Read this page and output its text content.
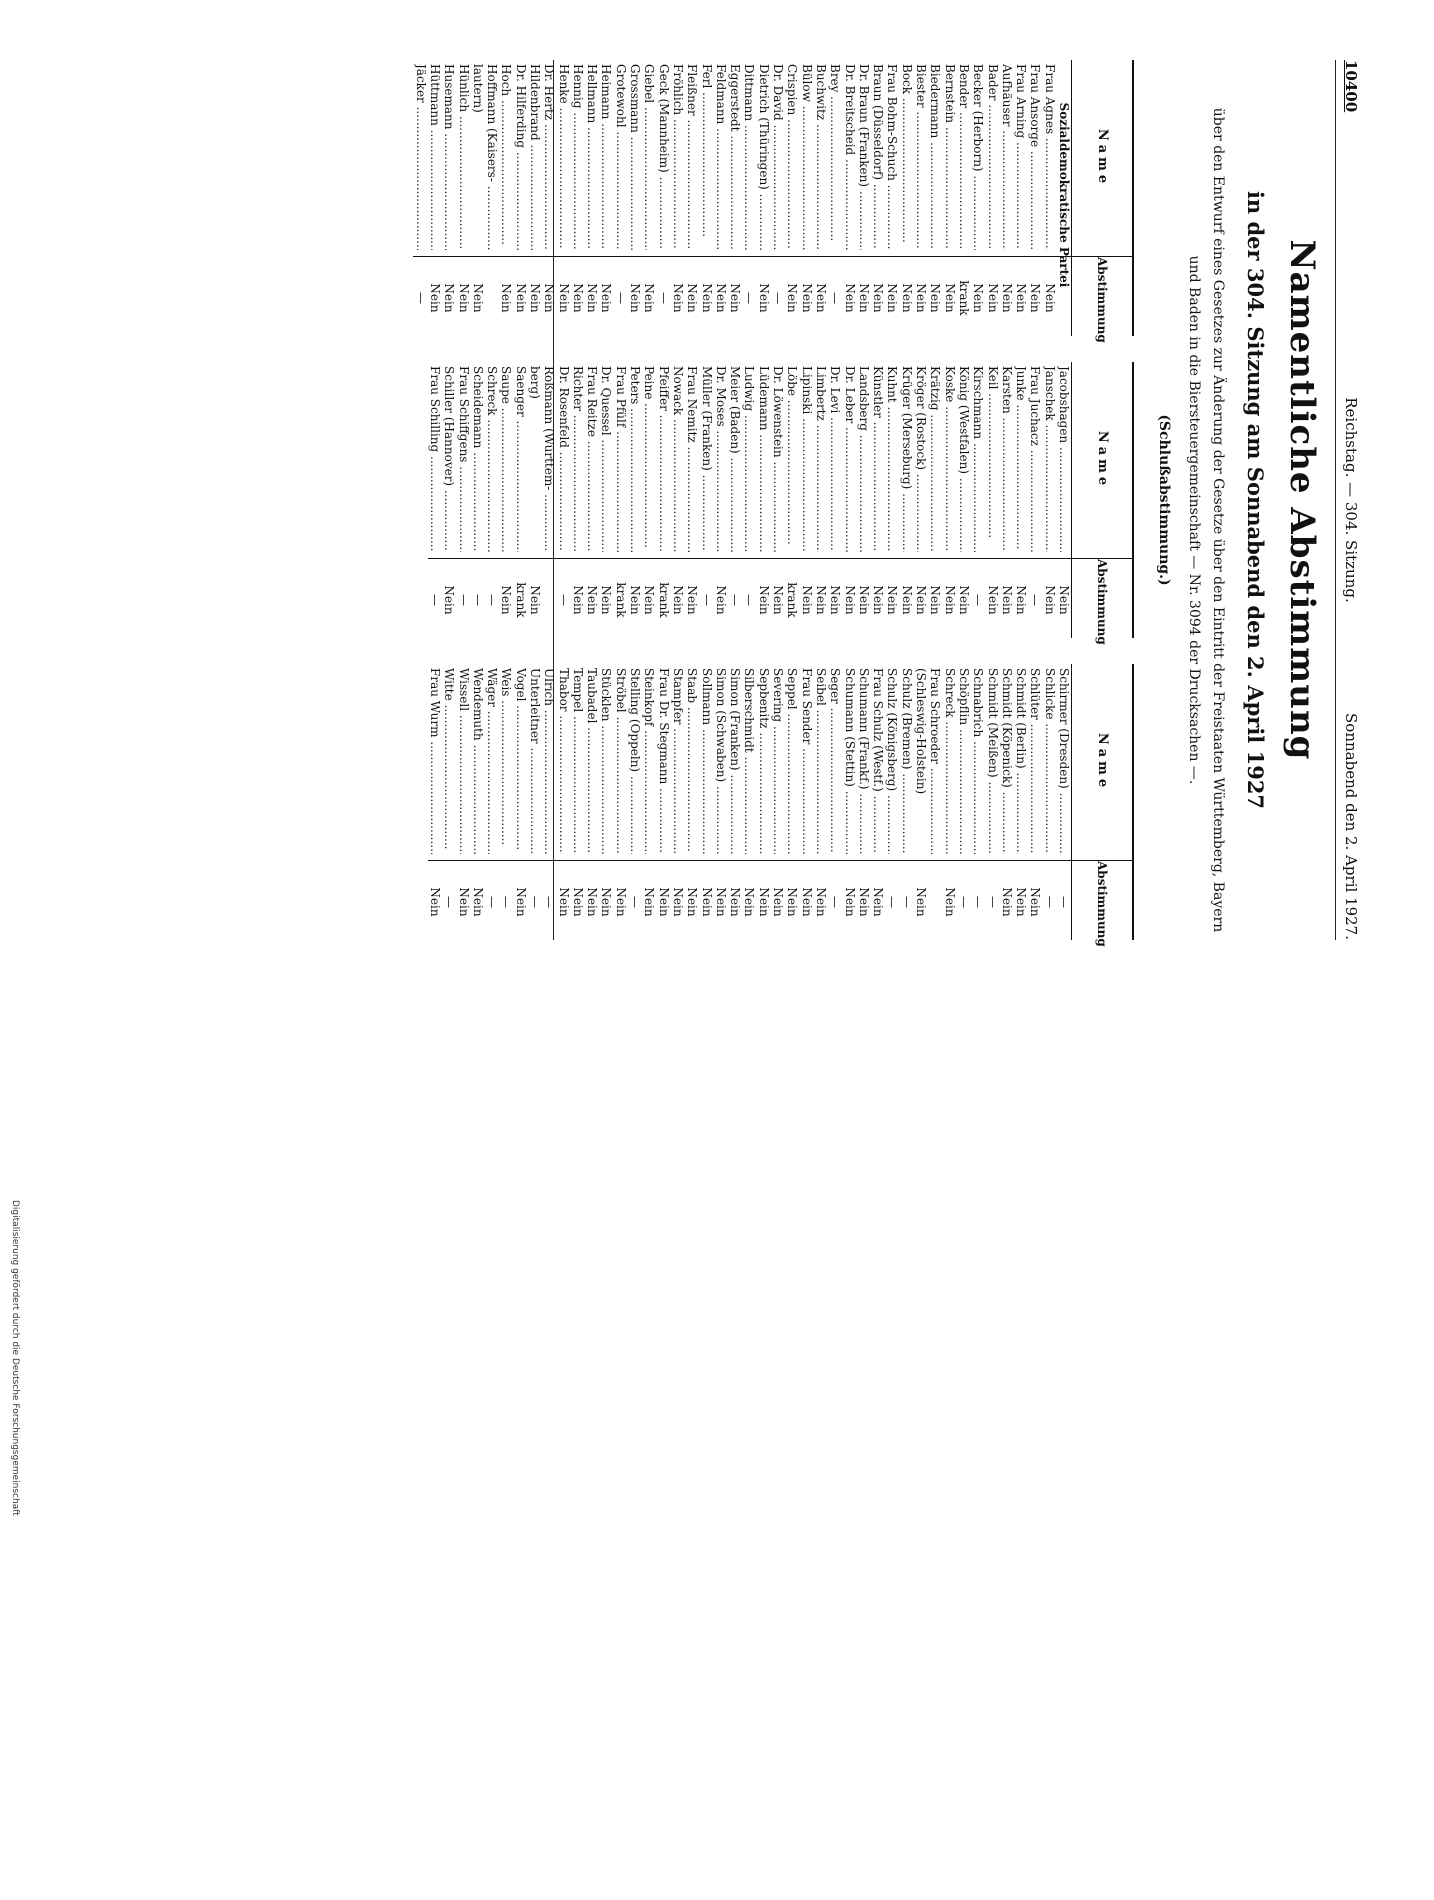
10400
Reichstag. — 304. Sitzung.
Sonnabend den 2. April 1927.
Namentliche Abstimmung
in der 304. Sitzung am Sonnabend den 2. April 1927
über den Entwurf eines Gesetzes zur Änderung der Gesetze über den Eintritt der Freistaaten Württemberg, Bayern und Baden in die Biersteuergemeinschaft — Nr. 3094 der Drucksachen —.
(Schlußabstimmung.)
Name
Abstimmung
Sozialdemokratische Partei
Frau Agnes .....
Nein
Frau Ansorge .....
Nein
Frau Arning .....
Nein
Aufhäuser .....
Nein
Bader .....
Nein
Becker (Herborn) .....
Nein
Bender .....
krank
Bernstein .....
Nein
Biedermann .....
Nein
Biester .....
Nein
Bock .....
Nein
Frau Bohm-Schuch .....
Nein
Braun (Düsseldorf) .....
Nein
Dr. Braun (Franken) .....
Nein
Dr. Breitscheid .....
Nein
Brey .....
—
Buchwitz .....
Nein
Bülow .....
Nein
Crispien .....
Nein
Dr. David .....
—
Dietrich (Thüringen) .....
Nein
Dittmann .....
—
Eggerstedt .....
Nein
Feldmann .....
Nein
Ferl .....
Nein
Fleißner .....
Nein
Fröhlich .....
Nein
Geck (Mannheim) .....
—
Giebel .....
Nein
Grossmann .....
Nein
Grotewohl .....
—
Heimann .....
Nein
Hellmann .....
Nein
Hennig .....
Nein
Henke .....
Nein
Dr. Hertz .....
Nein
Hildenbrand .....
Nein
Dr. Hilferding .....
Nein
Hoch .....
Nein
Hoffmann (Kaisers- .....
lautern)
Nein
Hünlich .....
Nein
Husemann .....
Nein
Hüttmann .....
Nein
Jäcker .....
—
Name
Abstimmung
Jacobshagen .....
Nein
Janschek .....
Nein
Frau Juchacz .....
—
Junke .....
Nein
Karsten .....
Nein
Keil .....
Nein
Kirschmann .....
—
König (Westfalen) .....
Nein
Koske .....
Nein
Krätzig .....
Nein
Kröger (Rostock) .....
Nein
Krüger (Merseburg) .....
Nein
Kuhnt .....
Nein
Künstler .....
Nein
Landsberg .....
Nein
Dr. Leber .....
Nein
Dr. Levi .....
Nein
Limbertz .....
Nein
Lipinski .....
Nein
Löbe .....
krank
Dr. Löwenstein .....
Nein
Lüdemann .....
Nein
Ludwig .....
—
Meier (Baden) .....
—
Dr. Moses .....
Nein
Müller (Franken) .....
—
Frau Nemitz .....
Nein
Nowack .....
Nein
Pfeiffer .....
krank
Peine .....
Nein
Peters .....
Nein
Frau Pfülf .....
krank
Dr. Quessel .....
Nein
Frau Reitze .....
Nein
Richter .....
Nein
Dr. Rosenfeld .....
—
Roßmann (Württem- .....
berg)
Nein
Saenger .....
krank
Saupe .....
Nein
Schreck .....
—
Scheidemann .....
—
Frau Schiffgens .....
—
Schiller (Hannover) .....
Nein
Frau Schilling .....
—
Name
Abstimmung
Schirmer (Dresden) .....
—
Schlicke .....
—
Schlüter .....
Nein
Schmidt (Berlin) .....
Nein
Schmidt (Köpenick) .....
Nein
Schmidt (Meißen) .....
—
Schnabrich .....
—
Schöpflin .....
—
Schreck .....
Nein
Frau Schroeder .....
(Schleswig-Holstein)
Nein
Schulz (Bremen) .....
—
Schulz (Königsberg) .....
—
Frau Schulz (Westf.) .....
Nein
Schumann (Frankf.) .....
Nein
Schumann (Stettin) .....
Nein
Seger .....
—
Seibel .....
Nein
Frau Sender .....
Nein
Seppel .....
Nein
Severing .....
Nein
Sepbenitz .....
Nein
Silberschmidt .....
Nein
Simon (Franken) .....
Nein
Simon (Schwaben) .....
Nein
Sollmann .....
Nein
Staab .....
Nein
Stampfer .....
Nein
Frau Dr. Stegmann .....
Nein
Steinkopf .....
Nein
Stelling (Oppeln) .....
—
Ströbel .....
Nein
Stücklen .....
Nein
Taubadel .....
Nein
Tempel .....
Nein
Thabor .....
Nein
Ulrich .....
—
Unterleitner .....
—
Vogel .....
Nein
Weis .....
—
Wäger .....
—
Wendemuth .....
Nein
Wissell .....
Nein
Witte .....
—
Frau Wurm .....
Nein
Digitalisierung gefördert durch die Deutsche Forschungsgemeinschaft
